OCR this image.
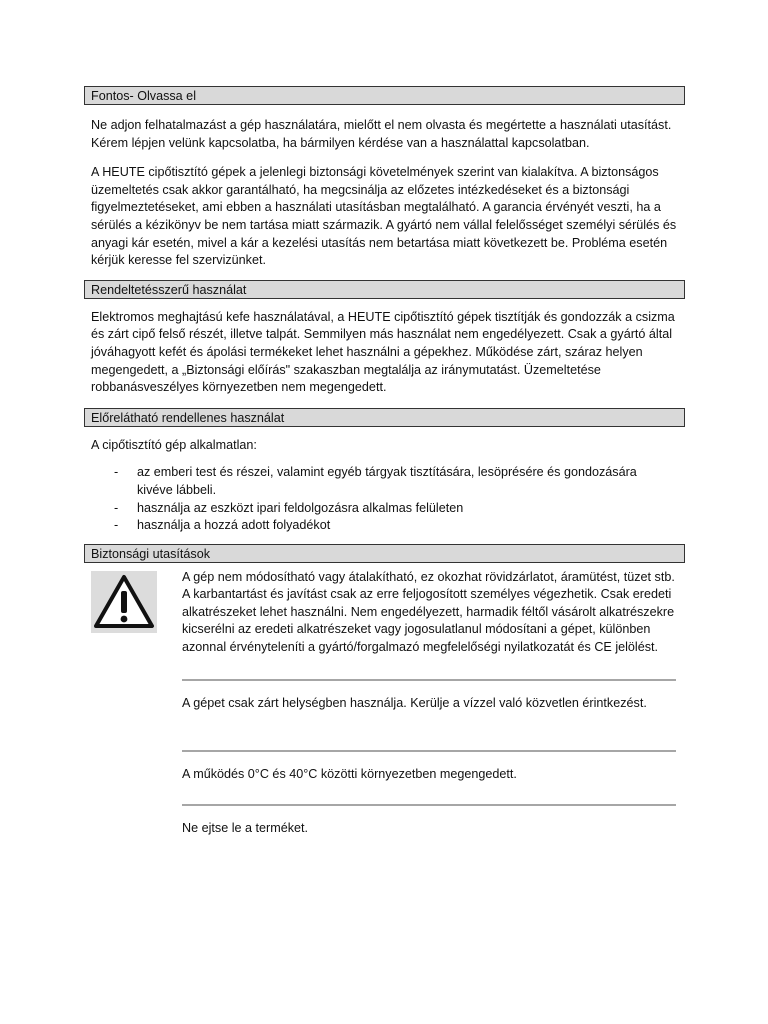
Fontos- Olvassa el

Ne adjon felhatalmazást a gép használatára, mielőtt el nem olvasta és megértette a használati utasítást. Kérem lépjen velünk kapcsolatba, ha bármilyen kérdése van a használattal kapcsolatban.

A HEUTE cipőtisztító gépek a jelenlegi biztonsági követelmények szerint van kialakítva. A biztonságos üzemeltetés csak akkor garantálható, ha megcsinálja az előzetes intézkedéseket és a biztonsági figyelmeztetéseket, ami ebben a használati utasításban megtalálható. A garancia érvényét veszti, ha a sérülés a kézikönyv be nem tartása miatt származik. A gyártó nem vállal felelősséget személyi sérülés és anyagi kár esetén, mivel a kár a kezelési utasítás nem betartása miatt következett be. Probléma esetén kérjük keresse fel szervizünket.

Rendeltetésszerű használat

Elektromos meghajtású kefe használatával, a HEUTE cipőtisztító gépek tisztítják és gondozzák a csizma és zárt cipő felső részét, illetve talpát. Semmilyen más használat nem engedélyezett. Csak a gyártó által jóváhagyott kefét és ápolási termékeket lehet használni a gépekhez. Működése zárt, száraz helyen megengedett, a „Biztonsági előírás" szakaszban megtalálja az iránymutatást. Üzemeltetése robbanásveszélyes környezetben nem megengedett.

Előrelátható rendellenes használat

A cipőtisztító gép alkalmatlan:

- az emberi test és részei, valamint egyéb tárgyak tisztítására, lesöprésére és gondozására kivéve lábbeli.
- használja az eszközt ipari feldolgozásra alkalmas felületen
- használja a hozzá adott folyadékot
Biztonsági utasítások

A gép nem módosítható vagy átalakítható, ez okozhat rövidzárlatot, áramütést, tüzet stb. A karbantartást és javítást csak az erre feljogosított személyes végezhetik. Csak eredeti alkatrészeket lehet használni. Nem engedélyezett, harmadik féltől vásárolt alkatrészekre kicserélni az eredeti alkatrészeket vagy jogosulatlanul módosítani a gépet, különben azonnal érvényteleníti a gyártó/forgalmazó megfelelőségi nyilatkozatát és CE jelölést.

A gépet csak zárt helységben használja. Kerülje a vízzel való közvetlen érintkezést.

A működés 0°C és 40°C közötti környezetben megengedett.

Ne ejtse le a terméket.
